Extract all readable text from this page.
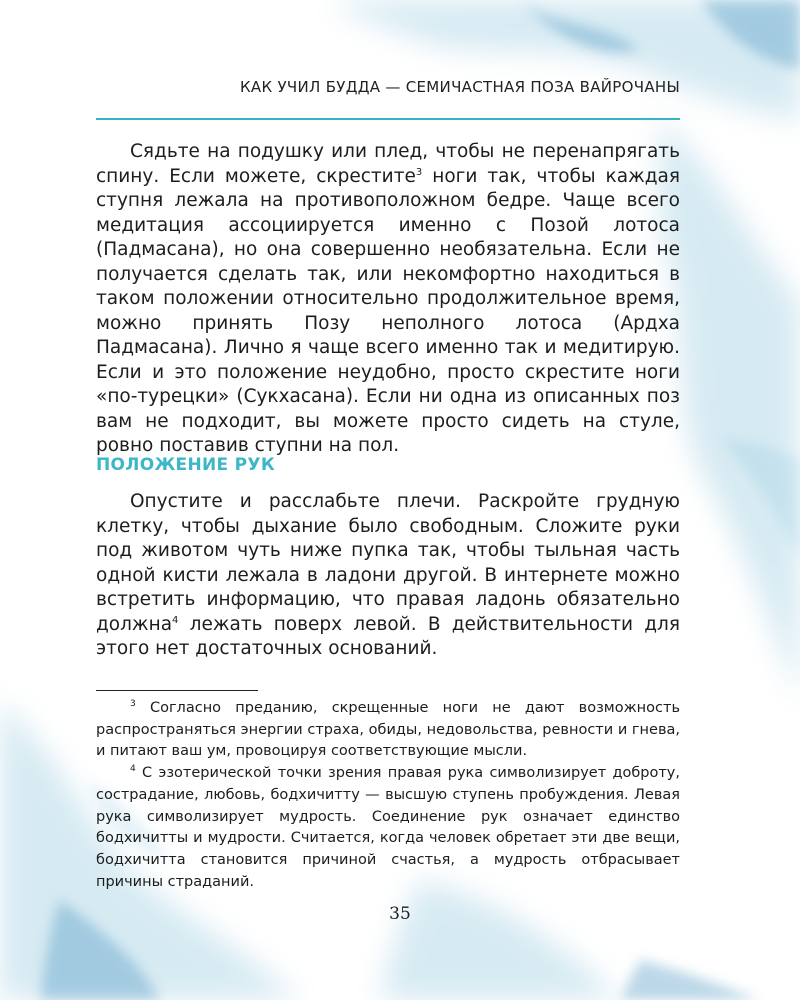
КАК УЧИЛ БУДДА — СЕМИЧАСТНАЯ ПОЗА ВАЙРОЧАНЫ

Сядьте на подушку или плед, чтобы не перенапрягать спину. Если можете, скрестите$^3$ ноги так, чтобы каждая ступня лежала на противоположном бедре. Чаще всего медитация ассоциируется именно с Позой лотоса (Падмасана), но она совершенно необязательна. Если не получается сделать так, или некомфортно находиться в таком положении относительно продолжительное время, можно принять Позу неполного лотоса (Ардха Падмасана). Лично я чаще всего именно так и медитирую. Если и это положение неудобно, просто скрестите ноги «по-турецки» (Сукхасана). Если ни одна из описанных поз вам не подходит, вы можете просто сидеть на стуле, ровно поставив ступни на пол.

ПОЛОЖЕНИЕ РУК

Опустите и расслабьте плечи. Раскройте грудную клетку, чтобы дыхание было свободным. Сложите руки под животом чуть ниже пупка так, чтобы тыльная часть одной кисти лежала в ладони другой. В интернете можно встретить информацию, что правая ладонь обязательно должна$^4$ лежать поверх левой. В действительности для этого нет достаточных оснований.

$^3$ Согласно преданию, скрещенные ноги не дают возможность распространяться энергии страха, обиды, недовольства, ревности и гнева, и питают ваш ум, провоцируя соответствующие мысли.

$^4$ С эзотерической точки зрения правая рука символизирует доброту, сострадание, любовь, бодхичитту — высшую ступень пробуждения. Левая рука символизирует мудрость. Соединение рук означает единство бодхичитты и мудрости. Считается, когда человек обретает эти две вещи, бодхичитта становится причиной счастья, а мудрость отбрасывает причины страданий.

35
